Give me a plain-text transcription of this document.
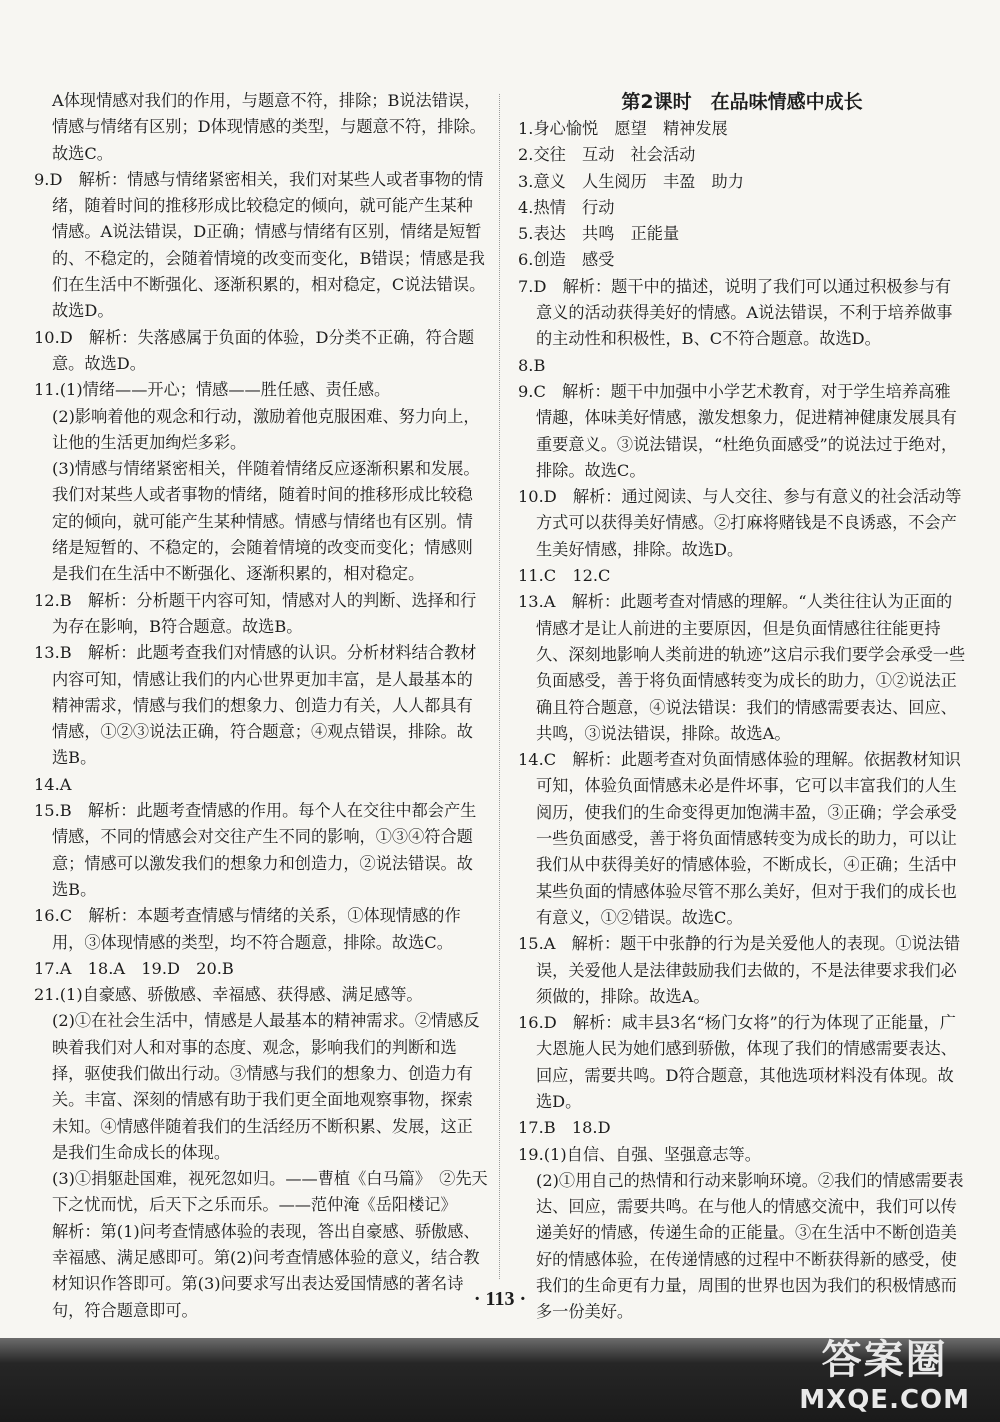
A体现情感对我们的作用，与题意不符，排除；B说法错误，情感与情绪有区别；D体现情感的类型，与题意不符，排除。故选C。

9.D　解析：情感与情绪紧密相关，我们对某些人或者事物的情绪，随着时间的推移形成比较稳定的倾向，就可能产生某种情感。A说法错误，D正确；情感与情绪有区别，情绪是短暂的、不稳定的，会随着情境的改变而变化，B错误；情感是我们在生活中不断强化、逐渐积累的，相对稳定，C说法错误。故选D。

10.D　解析：失落感属于负面的体验，D分类不正确，符合题意。故选D。

11.(1)情绪——开心；情感——胜任感、责任感。

(2)影响着他的观念和行动，激励着他克服困难、努力向上，让他的生活更加绚烂多彩。

(3)情感与情绪紧密相关，伴随着情绪反应逐渐积累和发展。我们对某些人或者事物的情绪，随着时间的推移形成比较稳定的倾向，就可能产生某种情感。情感与情绪也有区别。情绪是短暂的、不稳定的，会随着情境的改变而变化；情感则是我们在生活中不断强化、逐渐积累的，相对稳定。

12.B　解析：分析题干内容可知，情感对人的判断、选择和行为存在影响，B符合题意。故选B。

13.B　解析：此题考查我们对情感的认识。分析材料结合教材内容可知，情感让我们的内心世界更加丰富，是人最基本的精神需求，情感与我们的想象力、创造力有关，人人都具有情感，①②③说法正确，符合题意；④观点错误，排除。故选B。

14.A

15.B　解析：此题考查情感的作用。每个人在交往中都会产生情感，不同的情感会对交往产生不同的影响，①③④符合题意；情感可以激发我们的想象力和创造力，②说法错误。故选B。

16.C　解析：本题考查情感与情绪的关系，①体现情感的作用，③体现情感的类型，均不符合题意，排除。故选C。

17.A　18.A　19.D　20.B

21.(1)自豪感、骄傲感、幸福感、获得感、满足感等。

(2)①在社会生活中，情感是人最基本的精神需求。②情感反映着我们对人和对事的态度、观念，影响我们的判断和选择，驱使我们做出行动。③情感与我们的想象力、创造力有关。丰富、深刻的情感有助于我们更全面地观察事物，探索未知。④情感伴随着我们的生活经历不断积累、发展，这正是我们生命成长的体现。

(3)①捐躯赴国难，视死忽如归。——曹植《白马篇》　②先天下之忧而忧，后天下之乐而乐。——范仲淹《岳阳楼记》

解析：第(1)问考查情感体验的表现，答出自豪感、骄傲感、幸福感、满足感即可。第(2)问考查情感体验的意义，结合教材知识作答即可。第(3)问要求写出表达爱国情感的著名诗句，符合题意即可。

第2课时　在品味情感中成长

1.身心愉悦　愿望　精神发展

2.交往　互动　社会活动

3.意义　人生阅历　丰盈　助力

4.热情　行动

5.表达　共鸣　正能量

6.创造　感受

7.D　解析：题干中的描述，说明了我们可以通过积极参与有意义的活动获得美好的情感。A说法错误，不利于培养做事的主动性和积极性，B、C不符合题意。故选D。

8.B

9.C　解析：题干中加强中小学艺术教育，对于学生培养高雅情趣，体味美好情感，激发想象力，促进精神健康发展具有重要意义。③说法错误，“杜绝负面感受”的说法过于绝对，排除。故选C。

10.D　解析：通过阅读、与人交往、参与有意义的社会活动等方式可以获得美好情感。②打麻将赌钱是不良诱惑，不会产生美好情感，排除。故选D。

11.C　12.C

13.A　解析：此题考查对情感的理解。“人类往往认为正面的情感才是让人前进的主要原因，但是负面情感往往能更持久、深刻地影响人类前进的轨迹”这启示我们要学会承受一些负面感受，善于将负面情感转变为成长的助力，①②说法正确且符合题意，④说法错误：我们的情感需要表达、回应、共鸣，③说法错误，排除。故选A。

14.C　解析：此题考查对负面情感体验的理解。依据教材知识可知，体验负面情感未必是件坏事，它可以丰富我们的人生阅历，使我们的生命变得更加饱满丰盈，③正确；学会承受一些负面感受，善于将负面情感转变为成长的助力，可以让我们从中获得美好的情感体验，不断成长，④正确；生活中某些负面的情感体验尽管不那么美好，但对于我们的成长也有意义，①②错误。故选C。

15.A　解析：题干中张静的行为是关爱他人的表现。①说法错误，关爱他人是法律鼓励我们去做的，不是法律要求我们必须做的，排除。故选A。

16.D　解析：咸丰县3名“杨门女将”的行为体现了正能量，广大恩施人民为她们感到骄傲，体现了我们的情感需要表达、回应，需要共鸣。D符合题意，其他选项材料没有体现。故选D。

17.B　18.D

19.(1)自信、自强、坚强意志等。

(2)①用自己的热情和行动来影响环境。②我们的情感需要表达、回应，需要共鸣。在与他人的情感交流中，我们可以传递美好的情感，传递生命的正能量。③在生活中不断创造美好的情感体验，在传递情感的过程中不断获得新的感受，使我们的生命更有力量，周围的世界也因为我们的积极情感而多一份美好。

· 113 ·
答案圈
MXQE.COM
